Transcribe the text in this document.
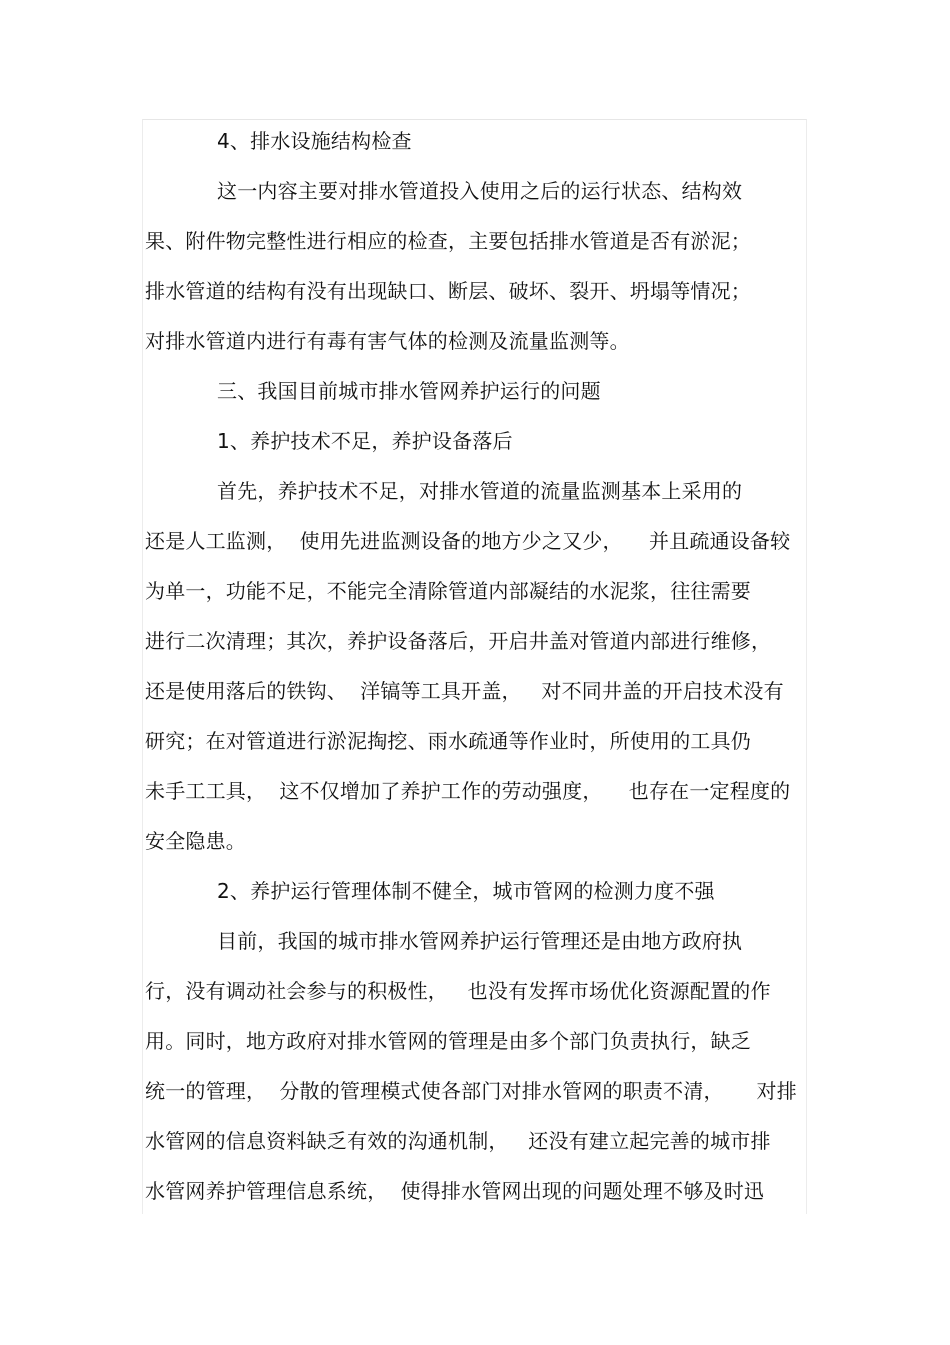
4、排水设施结构检查
这一内容主要对排水管道投入使用之后的运行状态、结构效
果、附件物完整性进行相应的检查，主要包括排水管道是否有淤泥；
排水管道的结构有没有出现缺口、断层、破坏、裂开、坍塌等情况；
对排水管道内进行有毒有害气体的检测及流量监测等。
三、我国目前城市排水管网养护运行的问题
1、养护技术不足，养护设备落后
首先，养护技术不足，对排水管道的流量监测基本上采用的
还是人工监测，  使用先进监测设备的地方少之又少，    并且疏通设备较
为单一，功能不足，不能完全清除管道内部凝结的水泥浆，往往需要
进行二次清理；其次，养护设备落后，开启井盖对管道内部进行维修，
还是使用落后的铁钩、  洋镐等工具开盖，   对不同井盖的开启技术没有
研究；在对管道进行淤泥掏挖、雨水疏通等作业时，所使用的工具仍
未手工工具，  这不仅增加了养护工作的劳动强度，    也存在一定程度的
安全隐患。
2、养护运行管理体制不健全，城市管网的检测力度不强
目前，我国的城市排水管网养护运行管理还是由地方政府执
行，没有调动社会参与的积极性，   也没有发挥市场优化资源配置的作
用。同时，地方政府对排水管网的管理是由多个部门负责执行，缺乏
统一的管理，  分散的管理模式使各部门对排水管网的职责不清，     对排
水管网的信息资料缺乏有效的沟通机制，   还没有建立起完善的城市排
水管网养护管理信息系统，  使得排水管网出现的问题处理不够及时迅
